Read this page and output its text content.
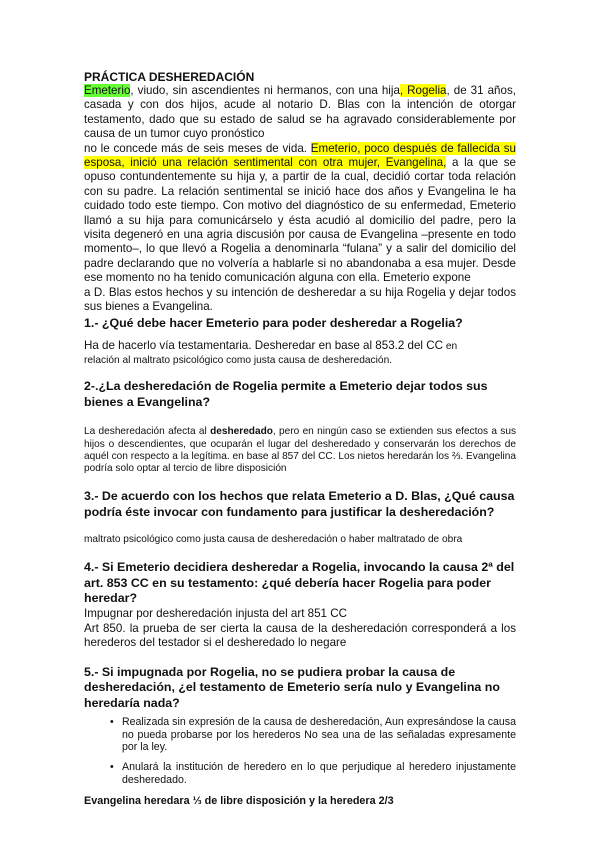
PRÁCTICA DESHEREDACIÓN

Emeterio, viudo, sin ascendientes ni hermanos, con una hija, Rogelia, de 31 años, casada y con dos hijos, acude al notario D. Blas con la intención de otorgar testamento, dado que su estado de salud se ha agravado considerablemente por causa de un tumor cuyo pronóstico

no le concede más de seis meses de vida. Emeterio, poco después de fallecida su esposa, inició una relación sentimental con otra mujer, Evangelina, a la que se opuso contundentemente su hija y, a partir de la cual, decidió cortar toda relación con su padre. La relación sentimental se inició hace dos años y Evangelina le ha cuidado todo este tiempo. Con motivo del diagnóstico de su enfermedad, Emeterio llamó a su hija para comunicárselo y ésta acudió al domicilio del padre, pero la visita degeneró en una agria discusión por causa de Evangelina –presente en todo momento–, lo que llevó a Rogelia a denominarla “fulana” y a salir del domicilio del padre declarando que no volvería a hablarle si no abandonaba a esa mujer. Desde ese momento no ha tenido comunicación alguna con ella. Emeterio expone

a D. Blas estos hechos y su intención de desheredar a su hija Rogelia y dejar todos sus bienes a Evangelina.

1.- ¿Qué debe hacer Emeterio para poder desheredar a Rogelia?

Ha de hacerlo vía testamentaria. Desheredar en base al 853.2 del CC en

relación al maltrato psicológico como justa causa de desheredación.

2-.¿La desheredación de Rogelia permite a Emeterio dejar todos sus bienes a Evangelina?

La desheredación afecta al desheredado, pero en ningún caso se extienden sus efectos a sus hijos o descendientes, que ocuparán el lugar del desheredado y conservarán los derechos de aquél con respecto a la legítima. en base al 857 del CC. Los nietos heredarán los ⅔. Evangelina podría solo optar al tercio de libre disposición

3.- De acuerdo con los hechos que relata Emeterio a D. Blas, ¿Qué causa podría éste invocar con fundamento para justificar la desheredación?

maltrato psicológico como justa causa de desheredación o haber maltratado de obra

4.- Si Emeterio decidiera desheredar a Rogelia, invocando la causa 2ª del art. 853 CC en su testamento: ¿qué debería hacer Rogelia para poder heredar?

Impugnar por desheredación injusta del art 851 CC

Art 850. la prueba de ser cierta la causa de la desheredación corresponderá a los herederos del testador si el desheredado lo negare

5.- Si impugnada por Rogelia, no se pudiera probar la causa de desheredación, ¿el testamento de Emeterio sería nulo y Evangelina no heredaría nada?

• Realizada sin expresión de la causa de desheredación, Aun expresándose la causa no pueda probarse por los herederos No sea una de las señaladas expresamente por la ley.
• Anulará la institución de heredero en lo que perjudique al heredero injustamente desheredado.

Evangelina heredara ⅓ de libre disposición y la heredera 2/3
